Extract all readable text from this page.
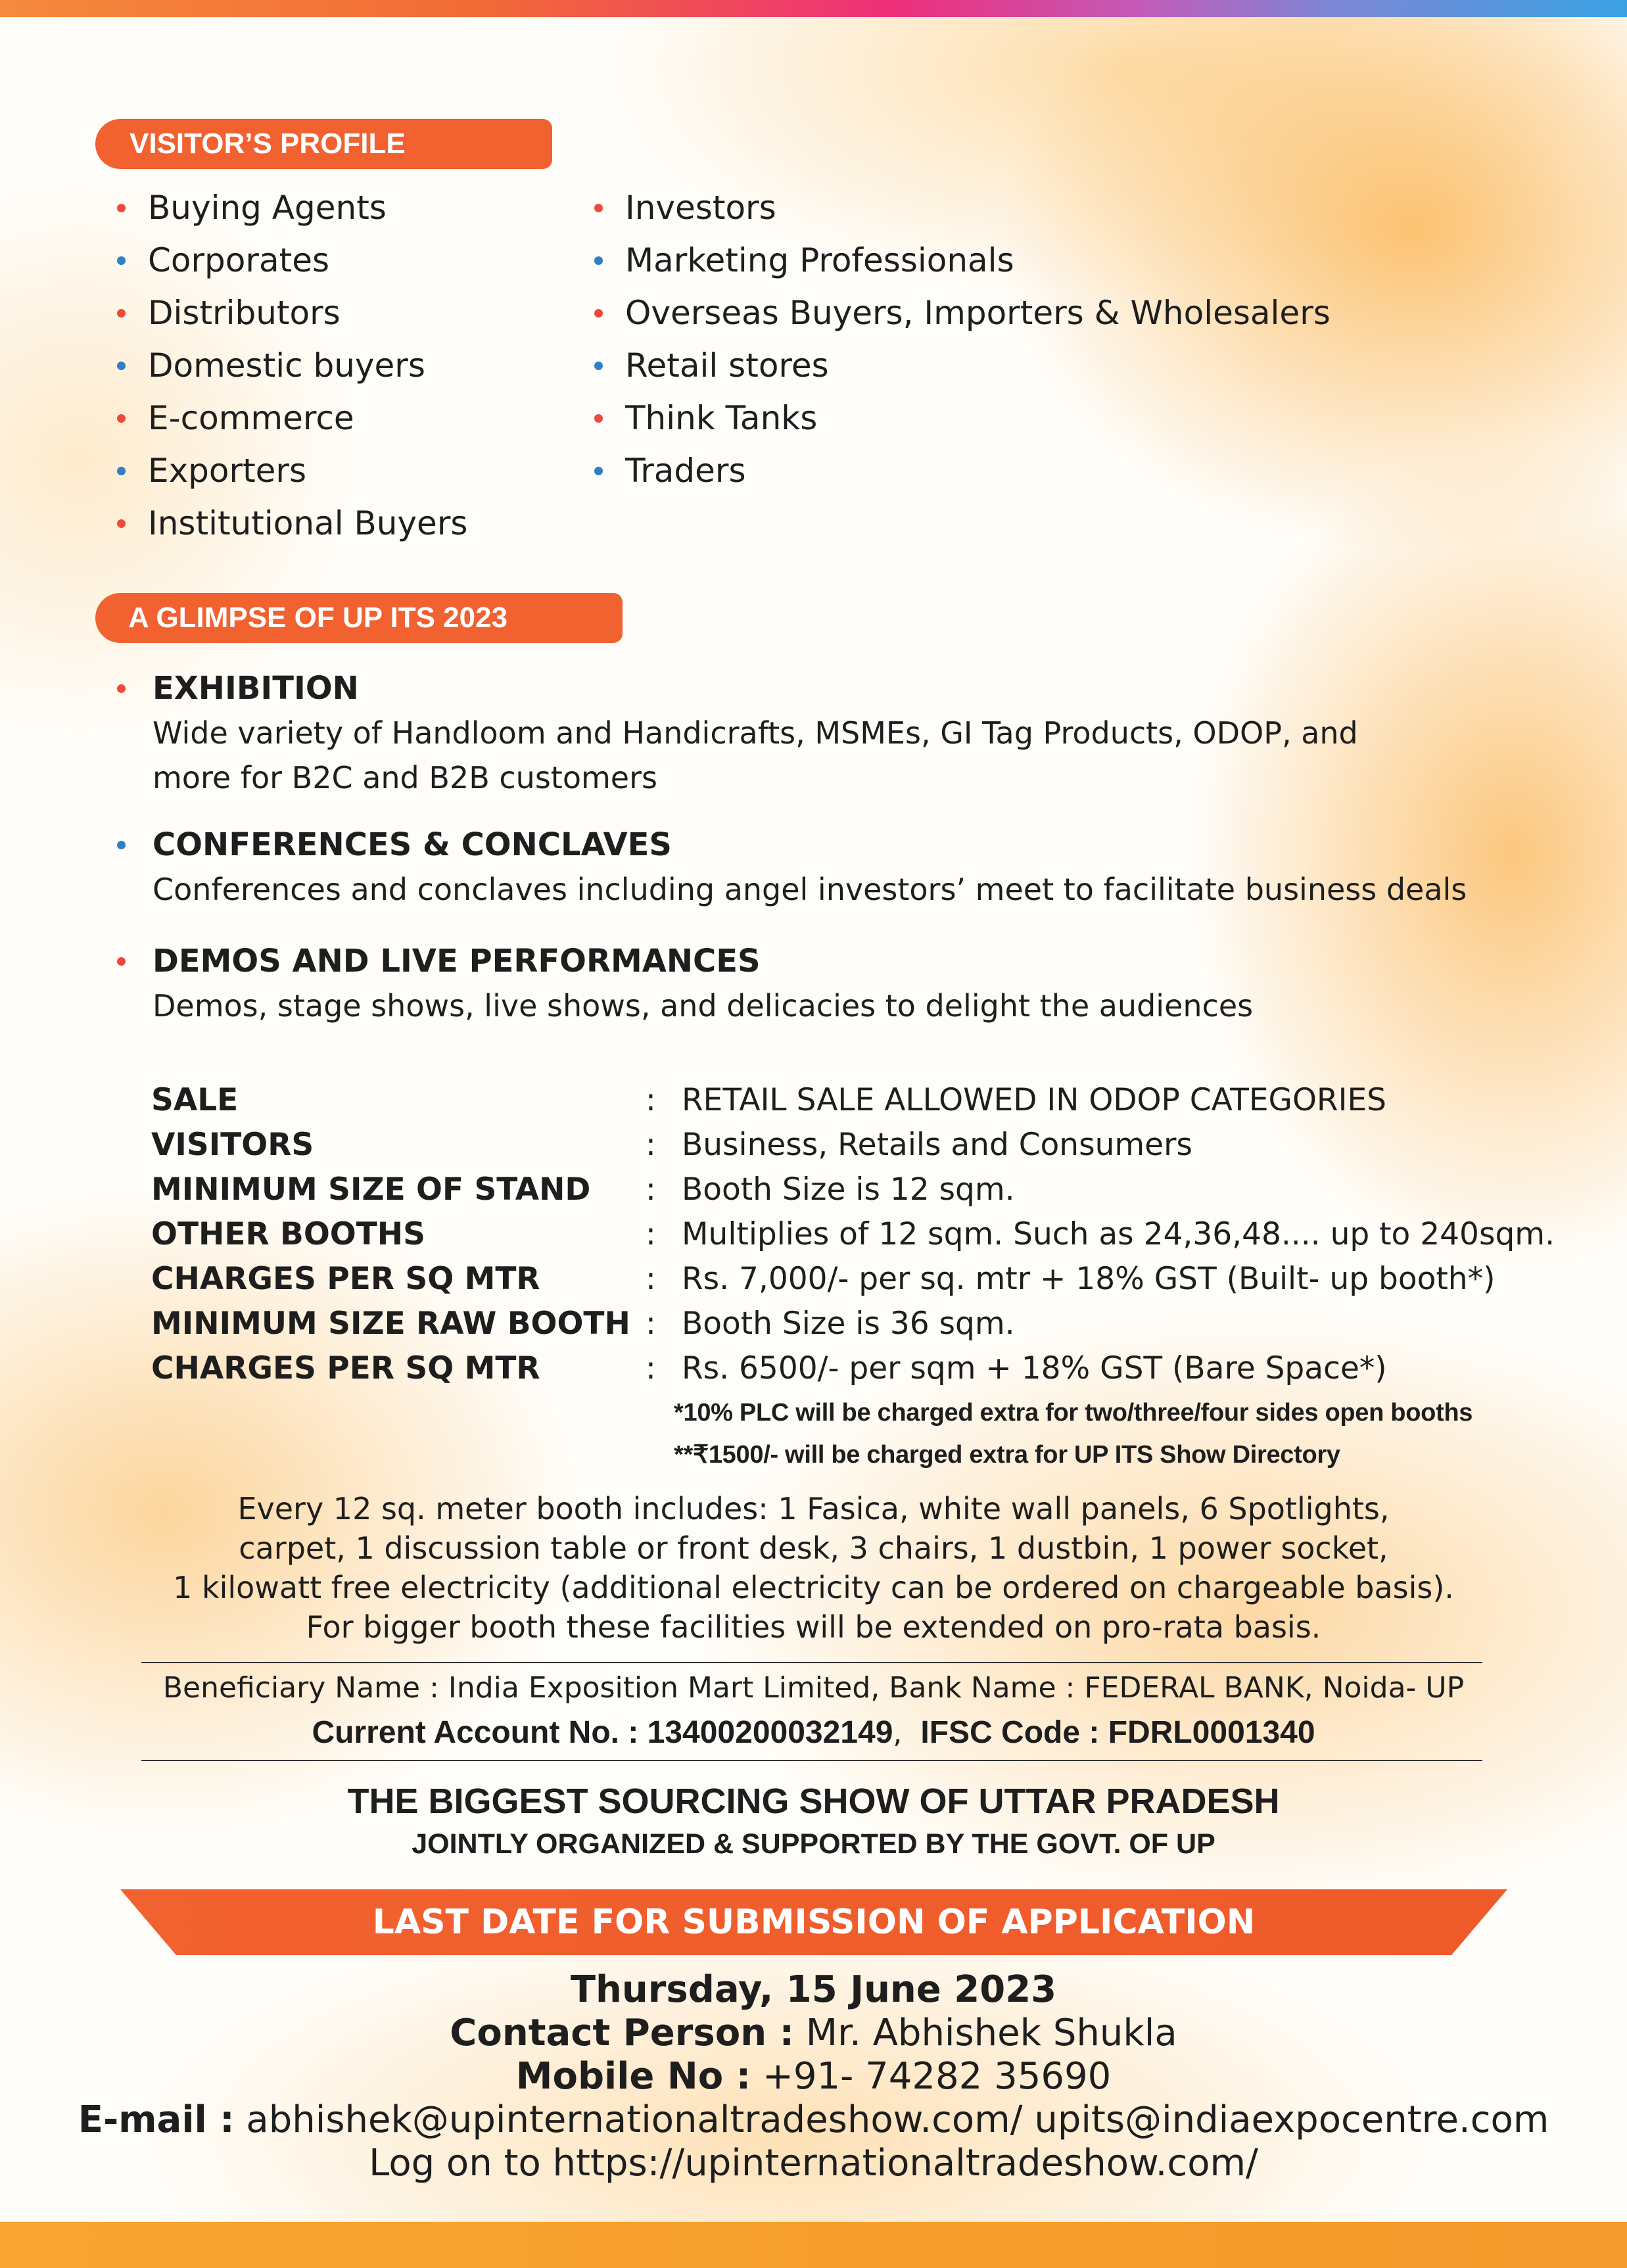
VISITOR’S PROFILE
Buying Agents
Corporates
Distributors
Domestic buyers
E-commerce
Exporters
Institutional Buyers
Investors
Marketing Professionals
Overseas Buyers, Importers & Wholesalers
Retail stores
Think Tanks
Traders
A GLIMPSE OF UP ITS 2023
EXHIBITION
Wide variety of Handloom and Handicrafts, MSMEs, GI Tag Products, ODOP, and
more for B2C and B2B customers
CONFERENCES & CONCLAVES
Conferences and conclaves including angel investors’ meet to facilitate business deals
DEMOS AND LIVE PERFORMANCES
Demos, stage shows, live shows, and delicacies to delight the audiences
SALE	: RETAIL SALE ALLOWED IN ODOP CATEGORIES
VISITORS	: Business, Retails and Consumers
MINIMUM SIZE OF STAND : Booth Size is 12 sqm.
OTHER BOOTHS	: Multiplies of 12 sqm. Such as 24,36,48.... up to 240sqm.
CHARGES PER SQ MTR	: Rs. 7,000/- per sq. mtr + 18% GST (Built- up booth*)
MINIMUM SIZE RAW BOOTH : Booth Size is 36 sqm.
CHARGES PER SQ MTR	: Rs. 6500/- per sqm + 18% GST (Bare Space*)
*10% PLC will be charged extra for two/three/four sides open booths
**₹1500/- will be charged extra for UP ITS Show Directory
Every 12 sq. meter booth includes: 1 Fasica, white wall panels, 6 Spotlights,
carpet, 1 discussion table or front desk, 3 chairs, 1 dustbin, 1 power socket,
1 kilowatt free electricity (additional electricity can be ordered on chargeable basis).
For bigger booth these facilities will be extended on pro-rata basis.
Beneficiary Name : India Exposition Mart Limited, Bank Name : FEDERAL BANK, Noida- UP
Current Account No. : 13400200032149, IFSC Code : FDRL0001340
THE BIGGEST SOURCING SHOW OF UTTAR PRADESH
JOINTLY ORGANIZED & SUPPORTED BY THE GOVT. OF UP
LAST DATE FOR SUBMISSION OF APPLICATION
Thursday, 15 June 2023
Contact Person : Mr. Abhishek Shukla
Mobile No : +91- 74282 35690
E-mail : abhishek@upinternationaltradeshow.com/ upits@indiaexpocentre.com
Log on to https://upinternationaltradeshow.com/
